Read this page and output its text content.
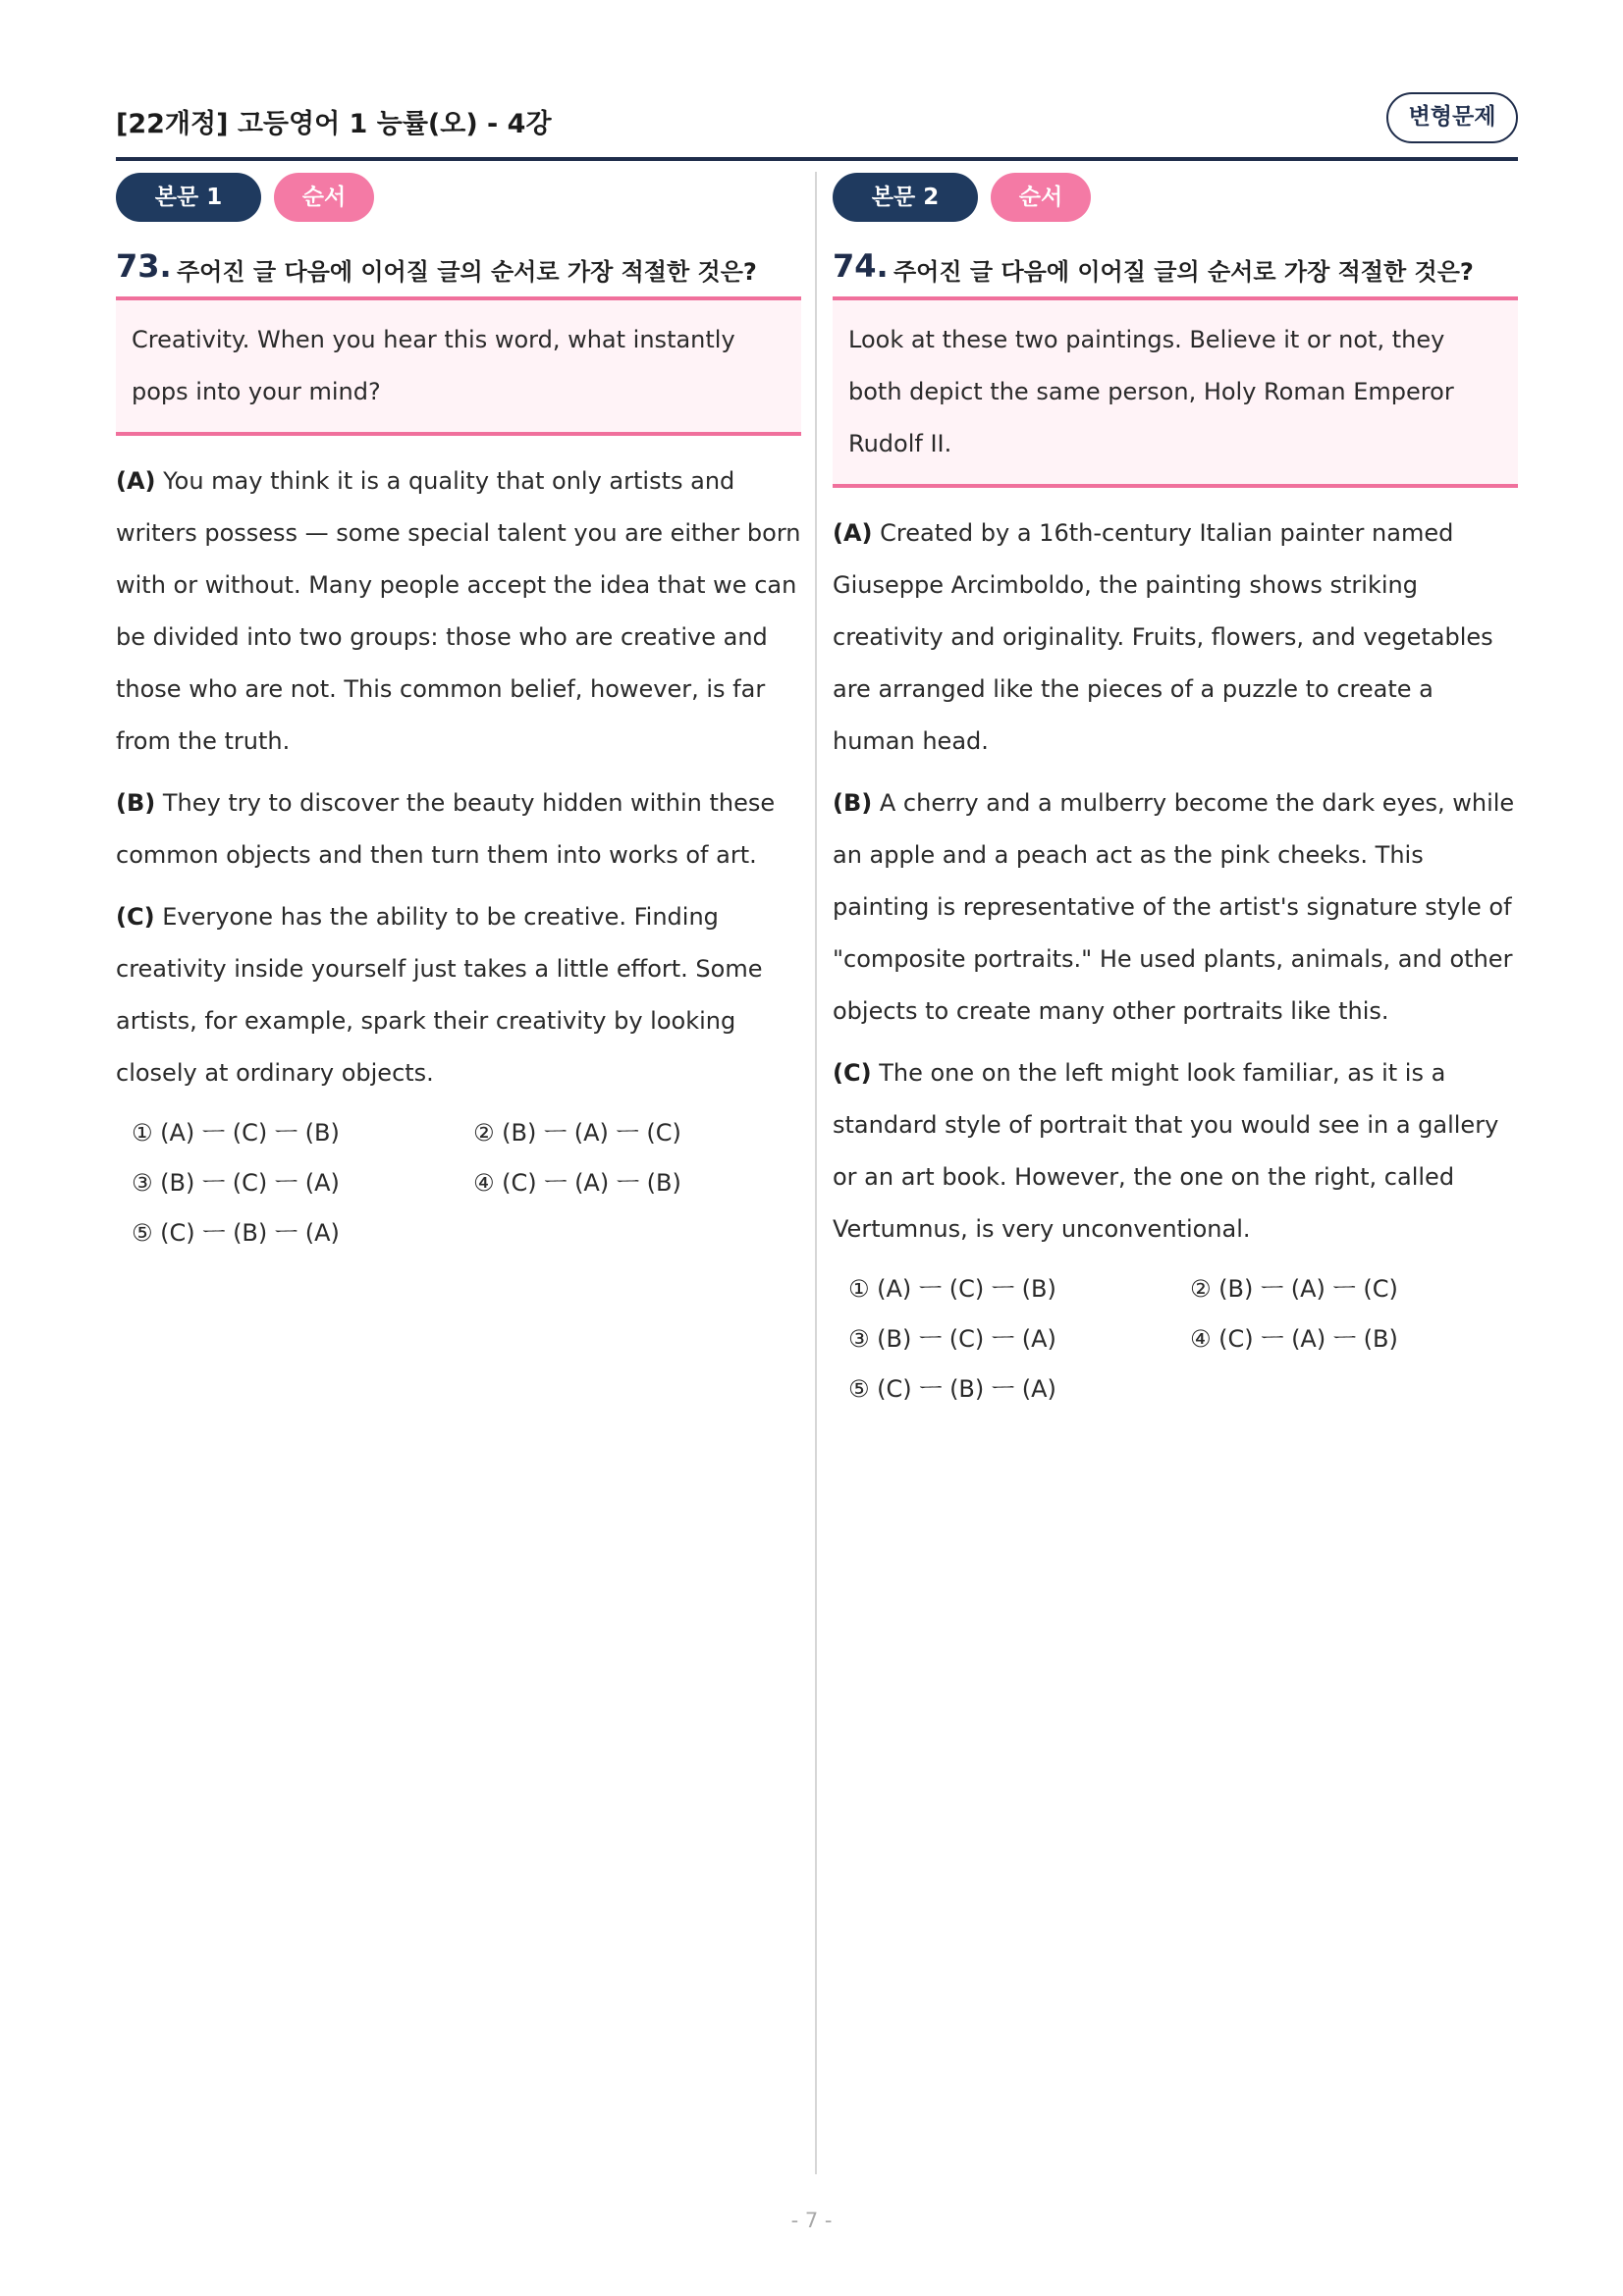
[22개정] 고등영어 1 능률(오) - 4강	변형문제
본문 1	순서
73. 주어진 글 다음에 이어질 글의 순서로 가장 적절한 것은?
Creativity. When you hear this word, what instantly pops into your mind?
(A) You may think it is a quality that only artists and writers possess — some special talent you are either born with or without. Many people accept the idea that we can be divided into two groups: those who are creative and those who are not. This common belief, however, is far from the truth.
(B) They try to discover the beauty hidden within these common objects and then turn them into works of art.
(C) Everyone has the ability to be creative. Finding creativity inside yourself just takes a little effort. Some artists, for example, spark their creativity by looking closely at ordinary objects.
① (A) ㅡ (C) ㅡ (B)	② (B) ㅡ (A) ㅡ (C)
③ (B) ㅡ (C) ㅡ (A)	④ (C) ㅡ (A) ㅡ (B)
⑤ (C) ㅡ (B) ㅡ (A)
본문 2	순서
74. 주어진 글 다음에 이어질 글의 순서로 가장 적절한 것은?
Look at these two paintings. Believe it or not, they both depict the same person, Holy Roman Emperor Rudolf II.
(A) Created by a 16th-century Italian painter named Giuseppe Arcimboldo, the painting shows striking creativity and originality. Fruits, flowers, and vegetables are arranged like the pieces of a puzzle to create a human head.
(B) A cherry and a mulberry become the dark eyes, while an apple and a peach act as the pink cheeks. This painting is representative of the artist's signature style of "composite portraits." He used plants, animals, and other objects to create many other portraits like this.
(C) The one on the left might look familiar, as it is a standard style of portrait that you would see in a gallery or an art book. However, the one on the right, called Vertumnus, is very unconventional.
① (A) ㅡ (C) ㅡ (B)	② (B) ㅡ (A) ㅡ (C)
③ (B) ㅡ (C) ㅡ (A)	④ (C) ㅡ (A) ㅡ (B)
⑤ (C) ㅡ (B) ㅡ (A)
- 7 -
